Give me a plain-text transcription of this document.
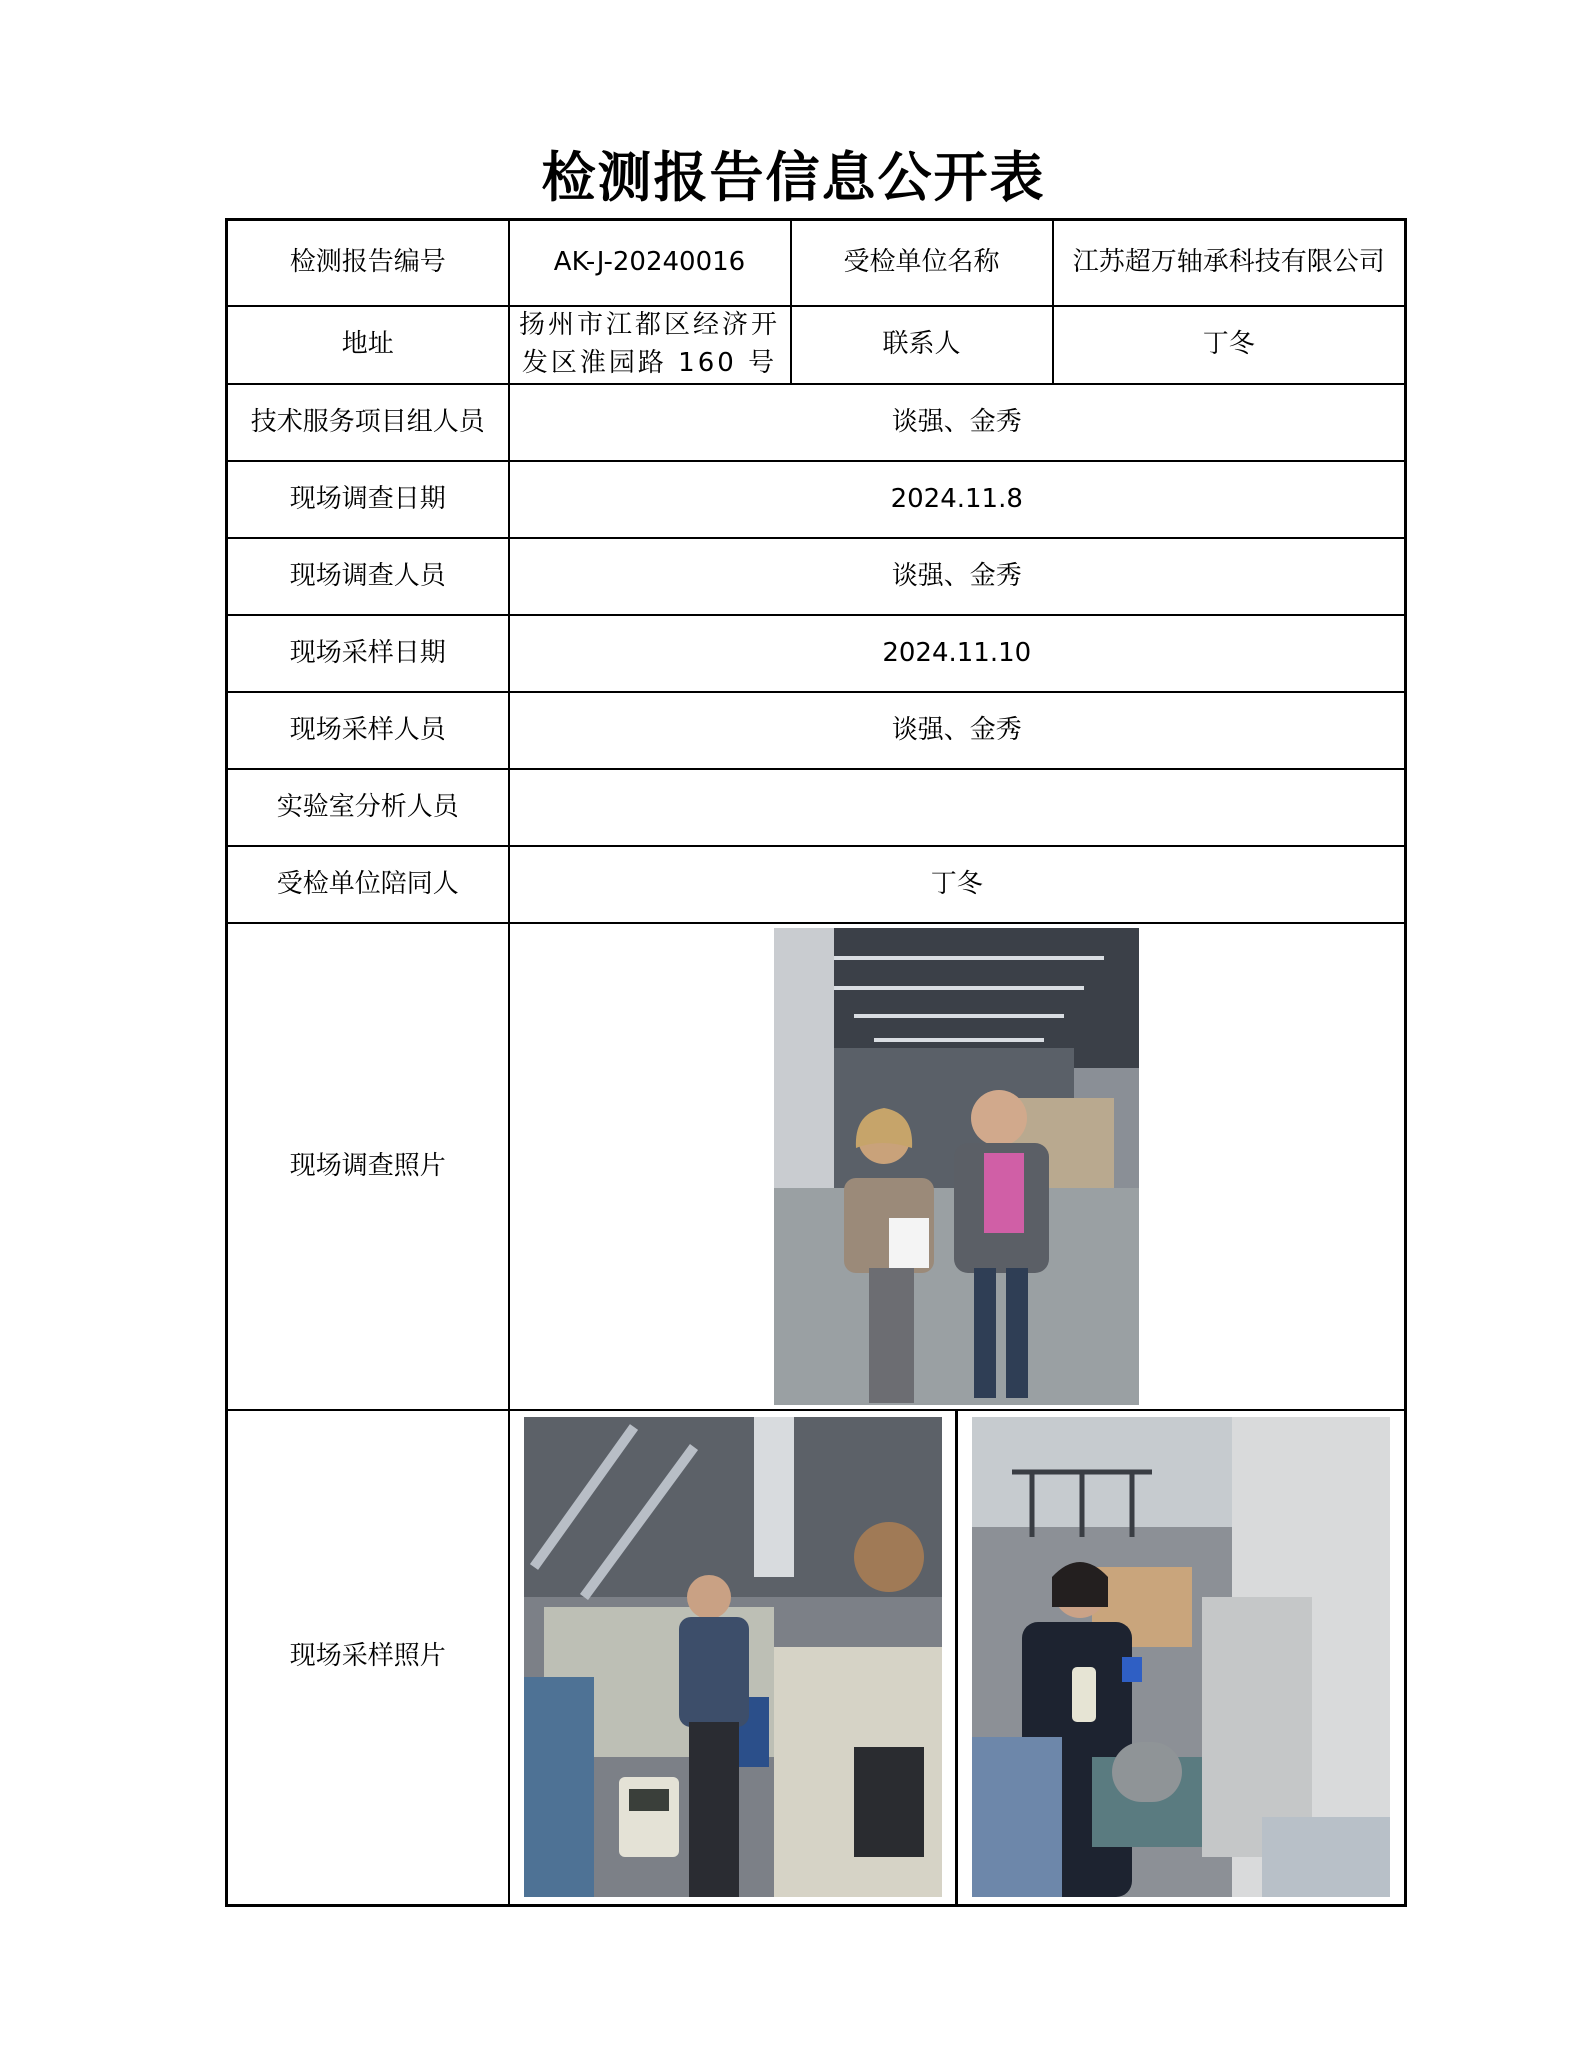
检测报告信息公开表
检测报告编号	AK-J-20240016	受检单位名称	江苏超万轴承科技有限公司
地址	扬州市江都区经济开发区淮园路 160 号	联系人	丁冬
技术服务项目组人员	谈强、金秀		
现场调查日期	2024.11.8		
现场调查人员	谈强、金秀		
现场采样日期	2024.11.10		
现场采样人员	谈强、金秀		
实验室分析人员			
受检单位陪同人	丁冬		
现场调查照片	

现场采样照片	
